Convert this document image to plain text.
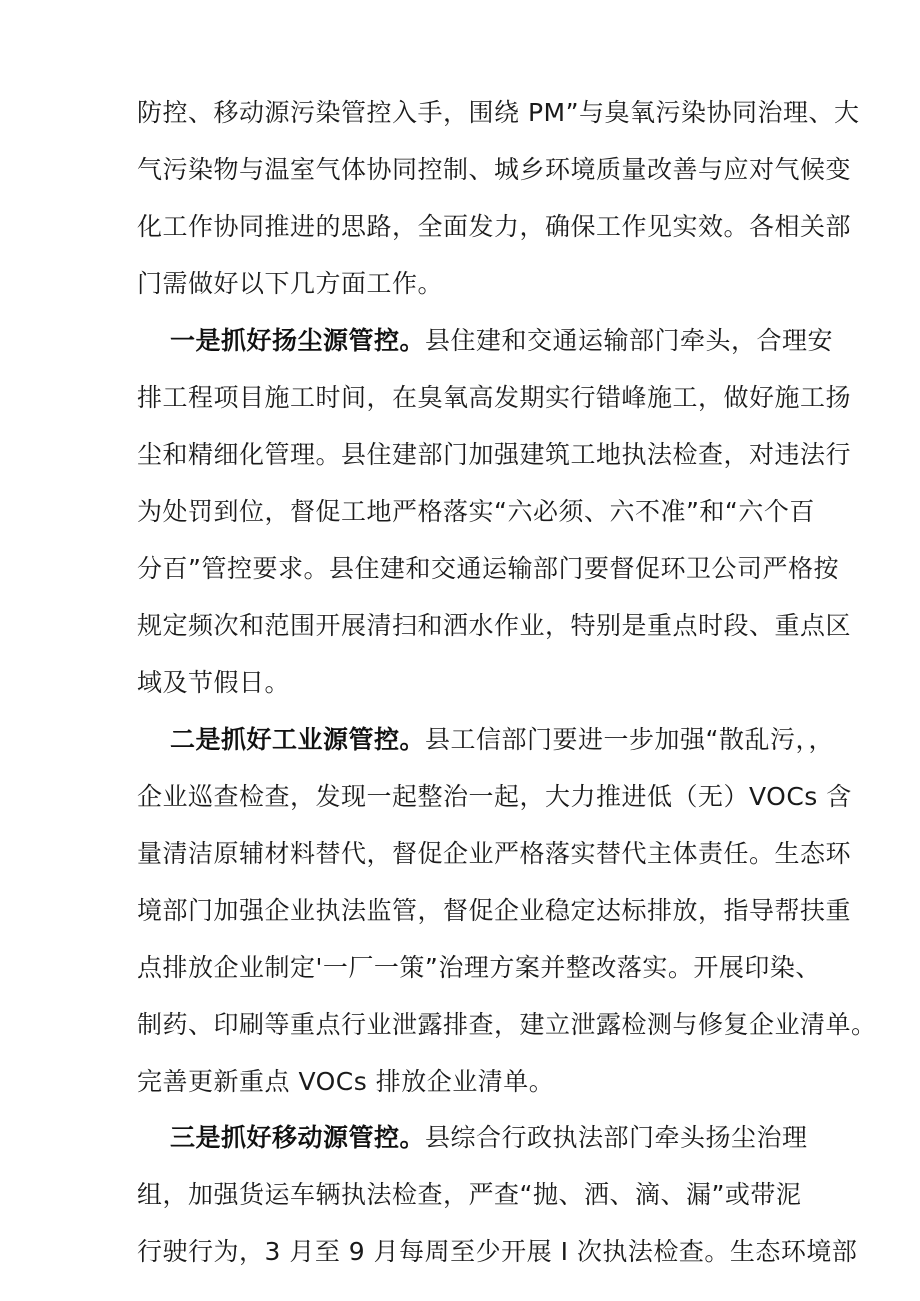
防控、移动源污染管控入手，围绕 PM”与臭氧污染协同治理、大
气污染物与温室气体协同控制、城乡环境质量改善与应对气候变
化工作协同推进的思路，全面发力，确保工作见实效。各相关部
门需做好以下几方面工作。
一是抓好扬尘源管控。县住建和交通运输部门牵头，合理安
排工程项目施工时间，在臭氧高发期实行错峰施工，做好施工扬
尘和精细化管理。县住建部门加强建筑工地执法检查，对违法行
为处罚到位，督促工地严格落实“六必须、六不准”和“六个百
分百”管控要求。县住建和交通运输部门要督促环卫公司严格按
规定频次和范围开展清扫和洒水作业，特别是重点时段、重点区
域及节假日。
二是抓好工业源管控。县工信部门要进一步加强“散乱污，，
企业巡查检查，发现一起整治一起，大力推进低（无）VOCs 含
量清洁原辅材料替代，督促企业严格落实替代主体责任。生态环
境部门加强企业执法监管，督促企业稳定达标排放，指导帮扶重
点排放企业制定'一厂一策”治理方案并整改落实。开展印染、
制药、印刷等重点行业泄露排查，建立泄露检测与修复企业清单。
完善更新重点 VOCs 排放企业清单。
三是抓好移动源管控。县综合行政执法部门牵头扬尘治理
组，加强货运车辆执法检查，严查“抛、洒、滴、漏”或带泥
行驶行为，3 月至 9 月每周至少开展 I 次执法检查。生态环境部
